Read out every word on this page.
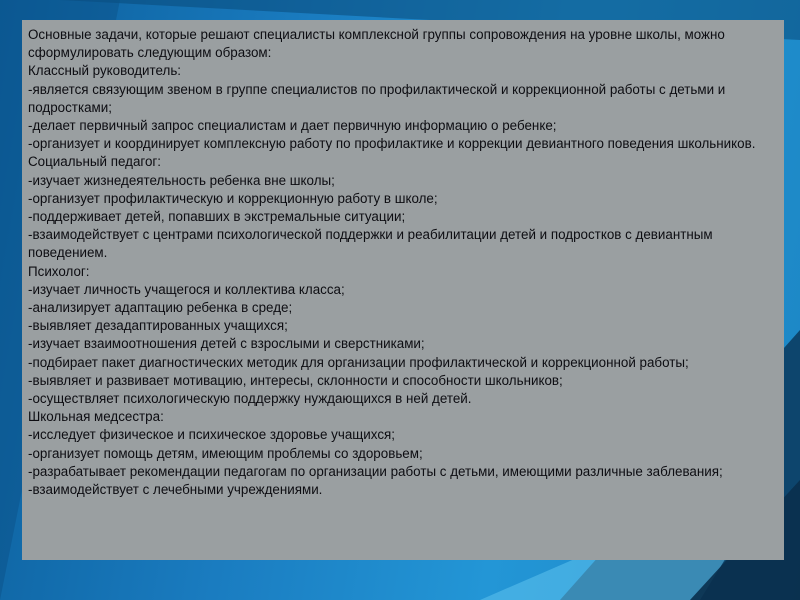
Основные задачи, которые решают специалисты комплексной группы сопровождения на уровне школы, можно сформулировать следующим образом:

Классный руководитель:

-является связующим звеном в группе специалистов по профилактической и коррекционной работы с детьми и подростками;

-делает первичный запрос специалистам и дает первичную информацию о ребенке;

-организует и координирует комплексную работу по профилактике и коррекции девиантного поведения школьников.

Социальный педагог:

-изучает жизнедеятельность ребенка вне школы;

-организует профилактическую и коррекционную работу в школе;

-поддерживает детей, попавших в экстремальные ситуации;

-взаимодействует с центрами психологической поддержки и реабилитации детей и подростков с девиантным поведением.

Психолог:

-изучает личность учащегося и коллектива класса;

-анализирует адаптацию ребенка в среде;

-выявляет дезадаптированных учащихся;

-изучает взаимоотношения детей с взрослыми и сверстниками;

-подбирает пакет диагностических методик для организации профилактической и коррекционной работы;

-выявляет и развивает мотивацию, интересы, склонности и способности школьников;

-осуществляет психологическую поддержку нуждающихся в ней детей.

Школьная медсестра:

-исследует физическое и психическое здоровье учащихся;

-организует помощь детям, имеющим проблемы со здоровьем;

-разрабатывает рекомендации педагогам по организации работы с детьми, имеющими различные заблевания;

-взаимодействует с лечебными учреждениями.
